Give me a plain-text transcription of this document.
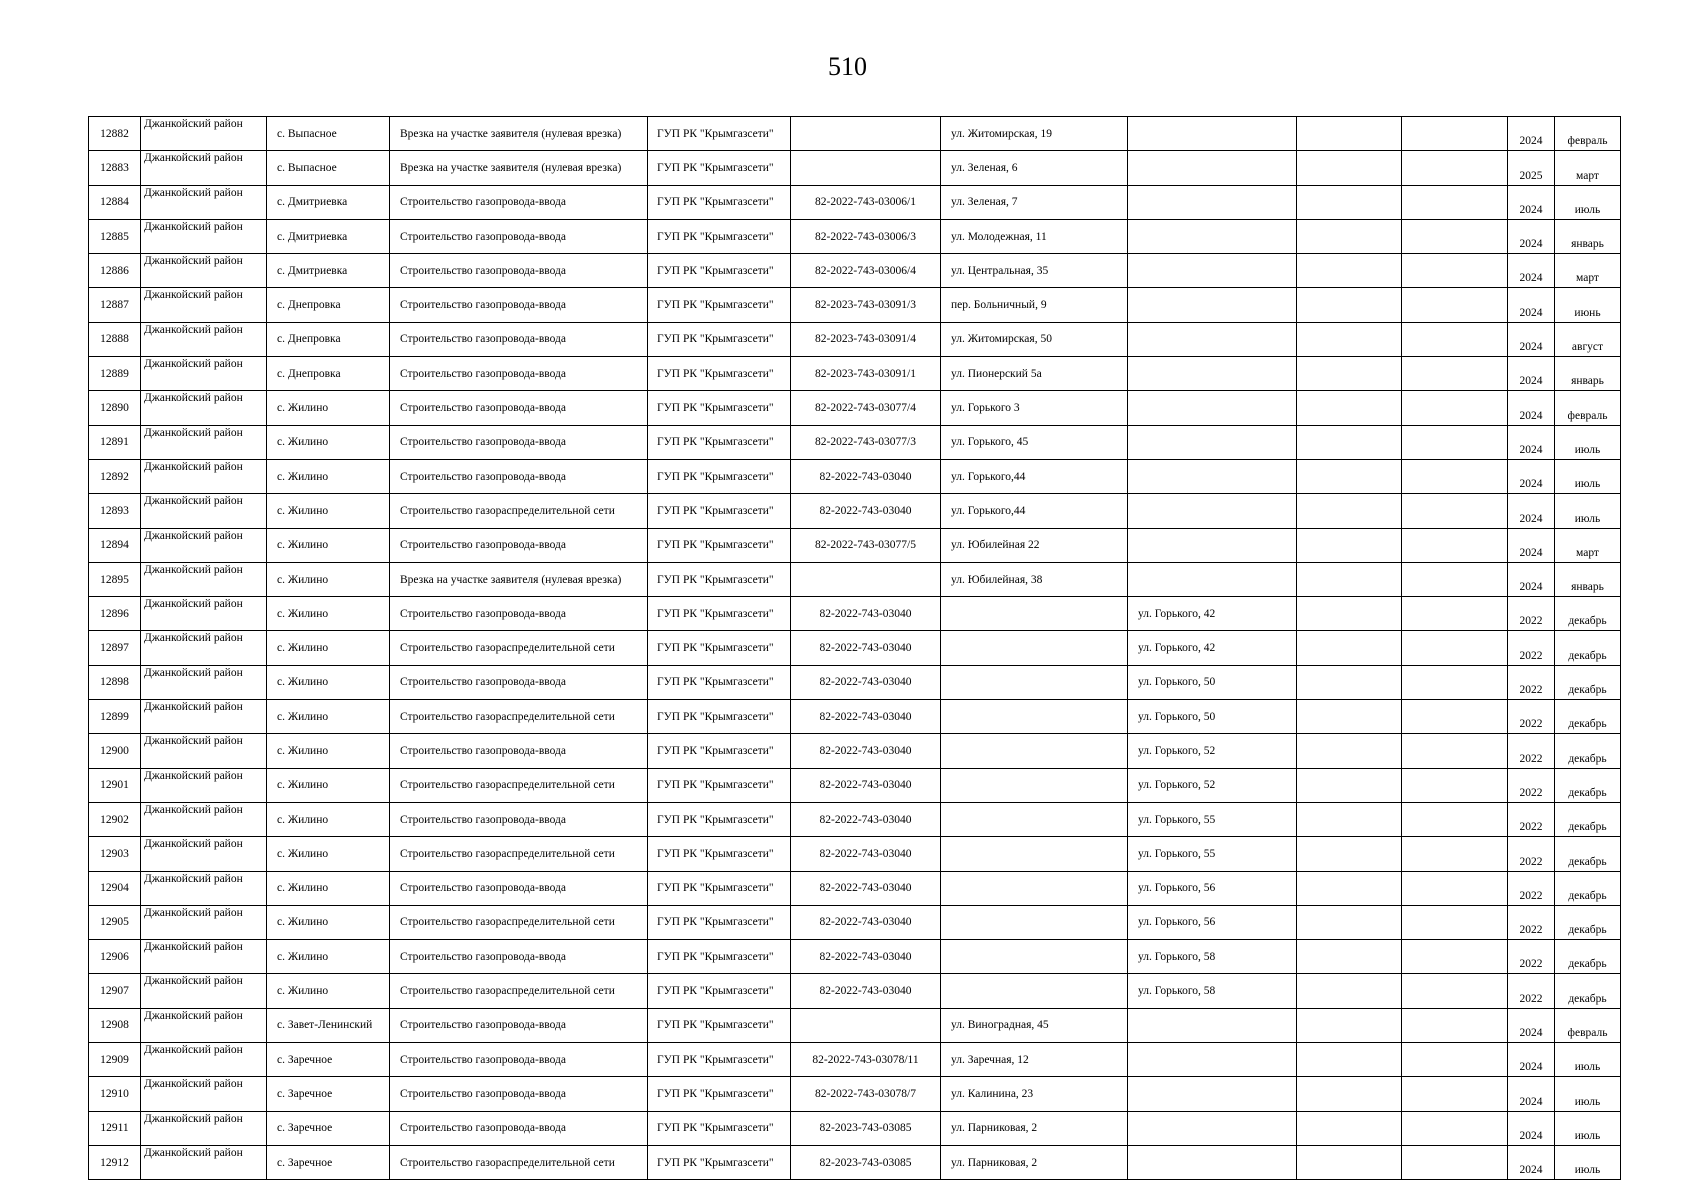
510
12882	Джанкойский район	с. Выпасное	Врезка на участке заявителя (нулевая врезка)	ГУП РК "Крымгазсети"		ул. Житомирская, 19				2024	февраль
12883	Джанкойский район	с. Выпасное	Врезка на участке заявителя (нулевая врезка)	ГУП РК "Крымгазсети"		ул. Зеленая, 6				2025	март
12884	Джанкойский район	с. Дмитриевка	Строительство газопровода-ввода	ГУП РК "Крымгазсети"	82-2022-743-03006/1	ул. Зеленая, 7				2024	июль
12885	Джанкойский район	с. Дмитриевка	Строительство газопровода-ввода	ГУП РК "Крымгазсети"	82-2022-743-03006/3	ул. Молодежная, 11				2024	январь
12886	Джанкойский район	с. Дмитриевка	Строительство газопровода-ввода	ГУП РК "Крымгазсети"	82-2022-743-03006/4	ул. Центральная, 35				2024	март
12887	Джанкойский район	с. Днепровка	Строительство газопровода-ввода	ГУП РК "Крымгазсети"	82-2023-743-03091/3	пер. Больничный, 9				2024	июнь
12888	Джанкойский район	с. Днепровка	Строительство газопровода-ввода	ГУП РК "Крымгазсети"	82-2023-743-03091/4	ул. Житомирская, 50				2024	август
12889	Джанкойский район	с. Днепровка	Строительство газопровода-ввода	ГУП РК "Крымгазсети"	82-2023-743-03091/1	ул. Пионерский 5а				2024	январь
12890	Джанкойский район	с. Жилино	Строительство газопровода-ввода	ГУП РК "Крымгазсети"	82-2022-743-03077/4	ул. Горького 3				2024	февраль
12891	Джанкойский район	с. Жилино	Строительство газопровода-ввода	ГУП РК "Крымгазсети"	82-2022-743-03077/3	ул. Горького, 45				2024	июль
12892	Джанкойский район	с. Жилино	Строительство газопровода-ввода	ГУП РК "Крымгазсети"	82-2022-743-03040	ул. Горького,44				2024	июль
12893	Джанкойский район	с. Жилино	Строительство газораспределительной сети	ГУП РК "Крымгазсети"	82-2022-743-03040	ул. Горького,44				2024	июль
12894	Джанкойский район	с. Жилино	Строительство газопровода-ввода	ГУП РК "Крымгазсети"	82-2022-743-03077/5	ул. Юбилейная 22				2024	март
12895	Джанкойский район	с. Жилино	Врезка на участке заявителя (нулевая врезка)	ГУП РК "Крымгазсети"		ул. Юбилейная, 38				2024	январь
12896	Джанкойский район	с. Жилино	Строительство газопровода-ввода	ГУП РК "Крымгазсети"	82-2022-743-03040		ул. Горького, 42			2022	декабрь
12897	Джанкойский район	с. Жилино	Строительство газораспределительной сети	ГУП РК "Крымгазсети"	82-2022-743-03040		ул. Горького, 42			2022	декабрь
12898	Джанкойский район	с. Жилино	Строительство газопровода-ввода	ГУП РК "Крымгазсети"	82-2022-743-03040		ул. Горького, 50			2022	декабрь
12899	Джанкойский район	с. Жилино	Строительство газораспределительной сети	ГУП РК "Крымгазсети"	82-2022-743-03040		ул. Горького, 50			2022	декабрь
12900	Джанкойский район	с. Жилино	Строительство газопровода-ввода	ГУП РК "Крымгазсети"	82-2022-743-03040		ул. Горького, 52			2022	декабрь
12901	Джанкойский район	с. Жилино	Строительство газораспределительной сети	ГУП РК "Крымгазсети"	82-2022-743-03040		ул. Горького, 52			2022	декабрь
12902	Джанкойский район	с. Жилино	Строительство газопровода-ввода	ГУП РК "Крымгазсети"	82-2022-743-03040		ул. Горького, 55			2022	декабрь
12903	Джанкойский район	с. Жилино	Строительство газораспределительной сети	ГУП РК "Крымгазсети"	82-2022-743-03040		ул. Горького, 55			2022	декабрь
12904	Джанкойский район	с. Жилино	Строительство газопровода-ввода	ГУП РК "Крымгазсети"	82-2022-743-03040		ул. Горького, 56			2022	декабрь
12905	Джанкойский район	с. Жилино	Строительство газораспределительной сети	ГУП РК "Крымгазсети"	82-2022-743-03040		ул. Горького, 56			2022	декабрь
12906	Джанкойский район	с. Жилино	Строительство газопровода-ввода	ГУП РК "Крымгазсети"	82-2022-743-03040		ул. Горького, 58			2022	декабрь
12907	Джанкойский район	с. Жилино	Строительство газораспределительной сети	ГУП РК "Крымгазсети"	82-2022-743-03040		ул. Горького, 58			2022	декабрь
12908	Джанкойский район	с. Завет-Ленинский	Строительство газопровода-ввода	ГУП РК "Крымгазсети"		ул. Виноградная, 45				2024	февраль
12909	Джанкойский район	с. Заречное	Строительство газопровода-ввода	ГУП РК "Крымгазсети"	82-2022-743-03078/11	ул. Заречная, 12				2024	июль
12910	Джанкойский район	с. Заречное	Строительство газопровода-ввода	ГУП РК "Крымгазсети"	82-2022-743-03078/7	ул. Калинина, 23				2024	июль
12911	Джанкойский район	с. Заречное	Строительство газопровода-ввода	ГУП РК "Крымгазсети"	82-2023-743-03085	ул. Парниковая, 2				2024	июль
12912	Джанкойский район	с. Заречное	Строительство газораспределительной сети	ГУП РК "Крымгазсети"	82-2023-743-03085	ул. Парниковая, 2				2024	июль
